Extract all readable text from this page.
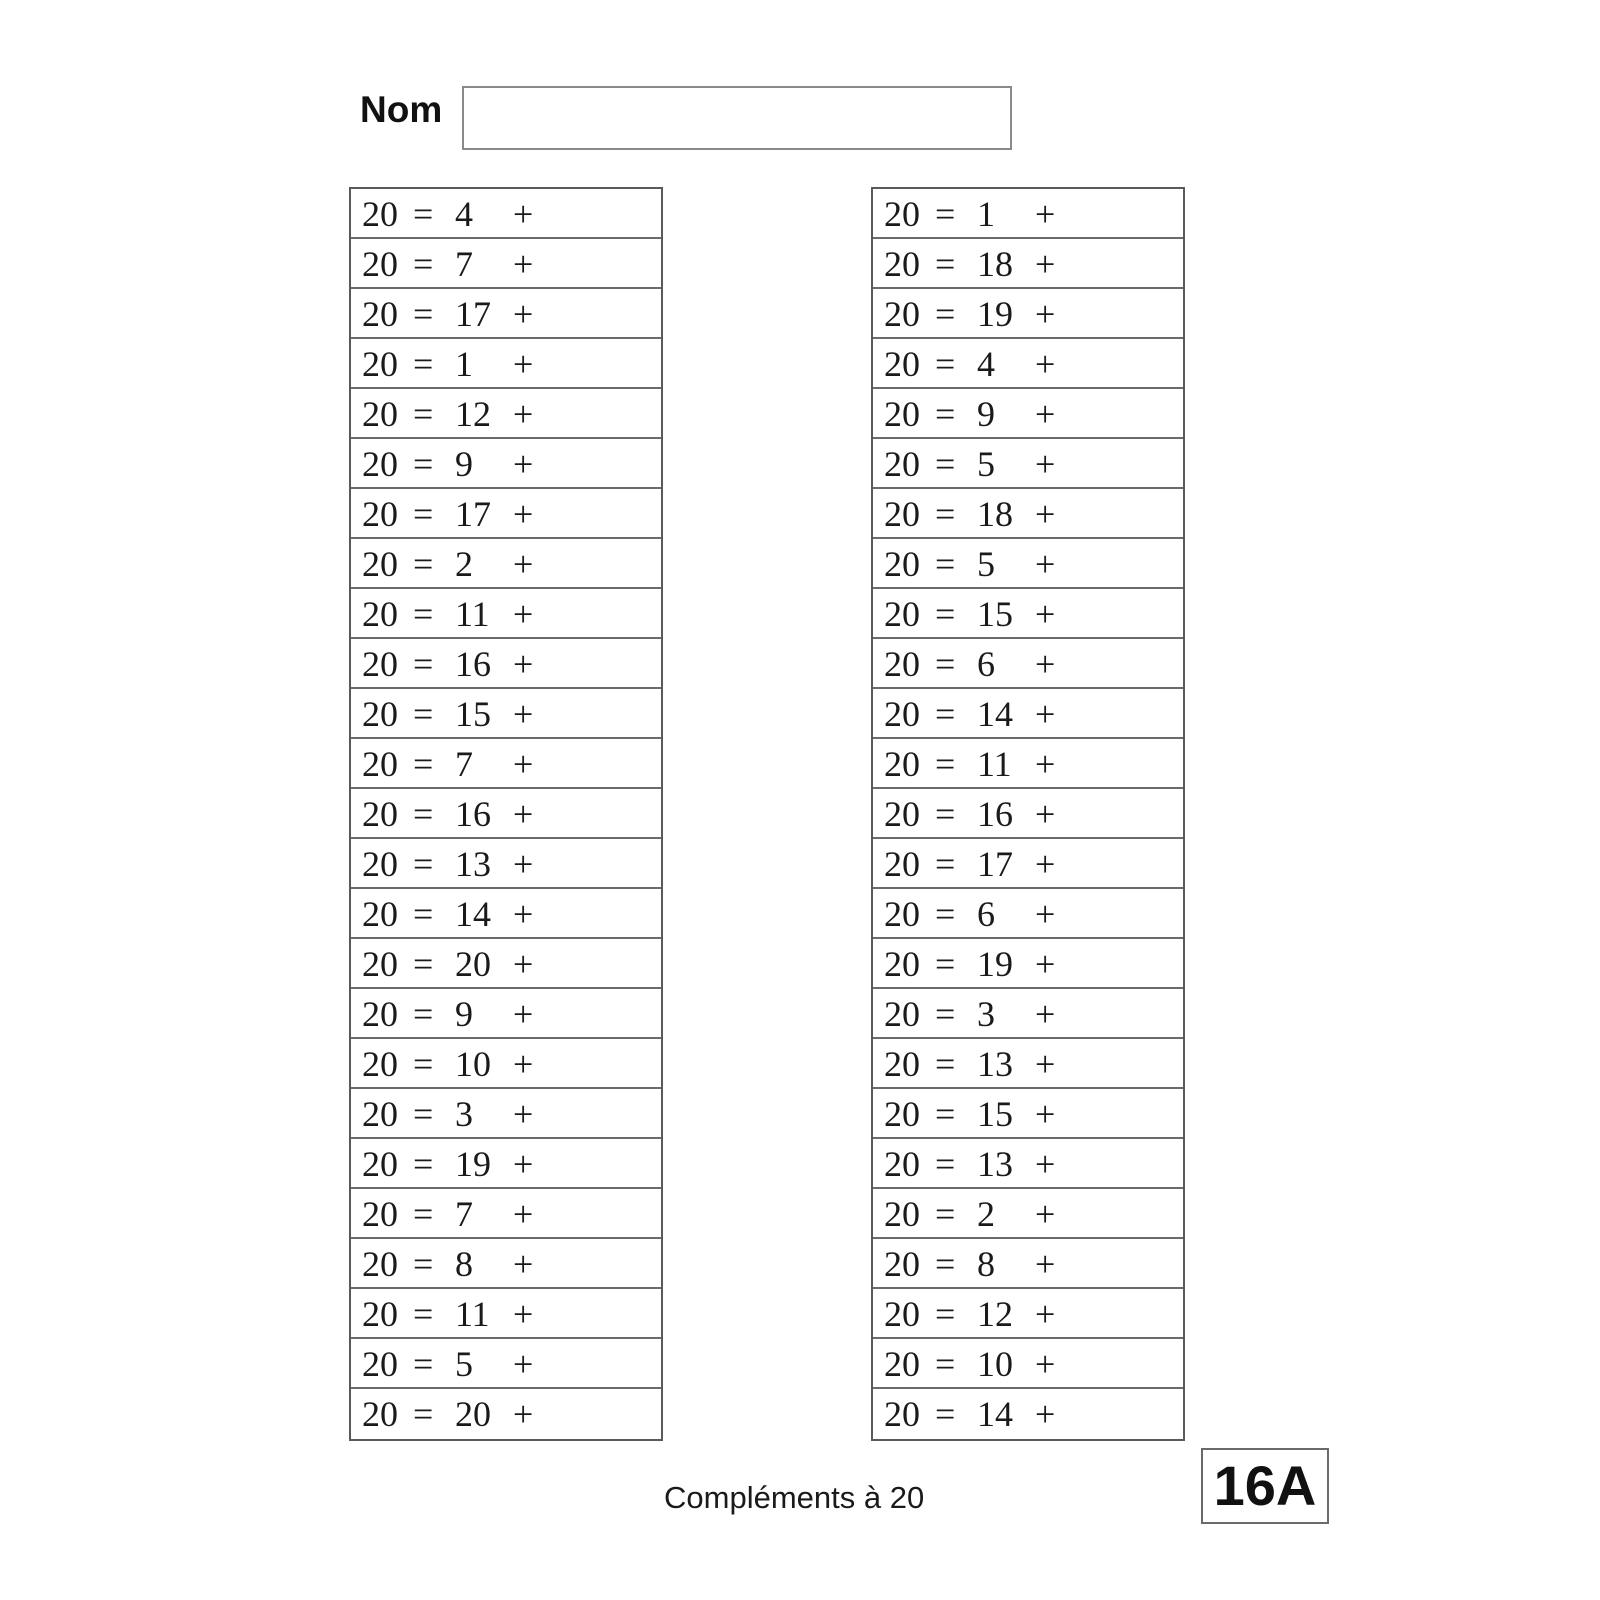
Nom
20 = 4 +
20 = 7 +
20 = 17 +
20 = 1 +
20 = 12 +
20 = 9 +
20 = 17 +
20 = 2 +
20 = 11 +
20 = 16 +
20 = 15 +
20 = 7 +
20 = 16 +
20 = 13 +
20 = 14 +
20 = 20 +
20 = 9 +
20 = 10 +
20 = 3 +
20 = 19 +
20 = 7 +
20 = 8 +
20 = 11 +
20 = 5 +
20 = 20 +
20 = 1 +
20 = 18 +
20 = 19 +
20 = 4 +
20 = 9 +
20 = 5 +
20 = 18 +
20 = 5 +
20 = 15 +
20 = 6 +
20 = 14 +
20 = 11 +
20 = 16 +
20 = 17 +
20 = 6 +
20 = 19 +
20 = 3 +
20 = 13 +
20 = 15 +
20 = 13 +
20 = 2 +
20 = 8 +
20 = 12 +
20 = 10 +
20 = 14 +
Compléments à 20	16A
